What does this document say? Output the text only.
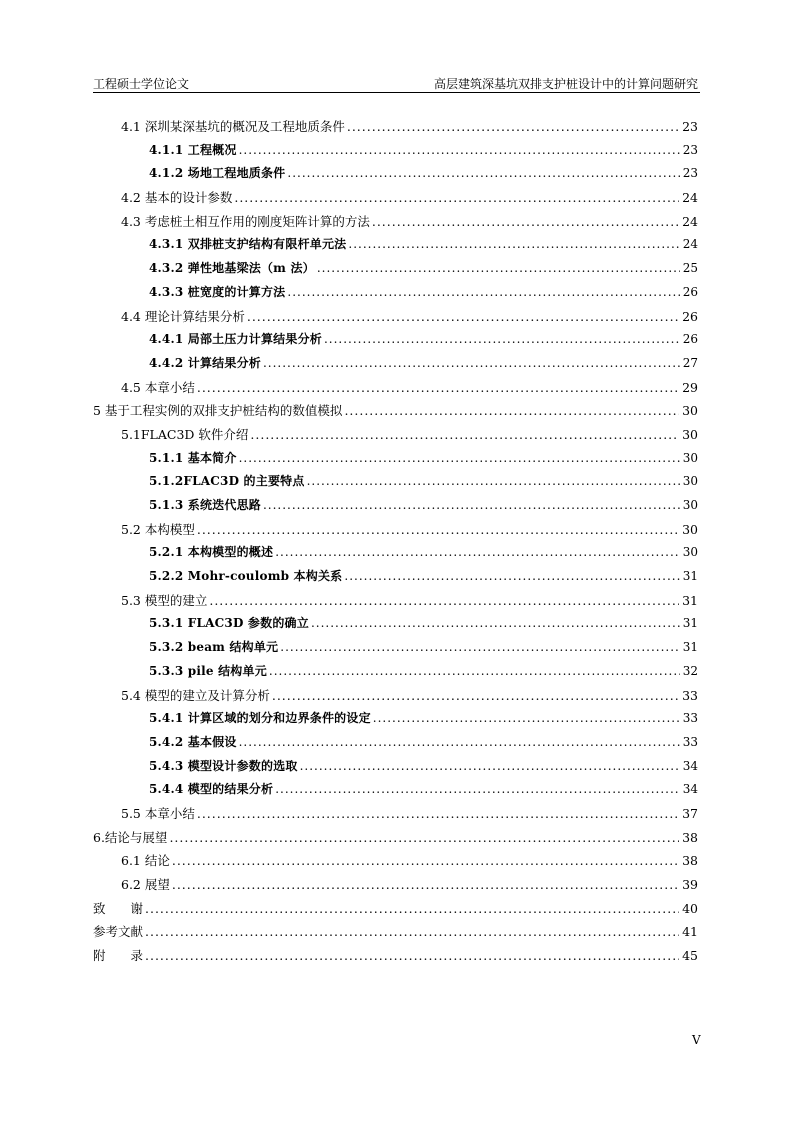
工程硕士学位论文	高层建筑深基坑双排支护桩设计中的计算问题研究
4.1 深圳某深基坑的概况及工程地质条件 .....	23
4.1.1 工程概况 .....	23
4.1.2 场地工程地质条件 .....	23
4.2 基本的设计参数 .....	24
4.3 考虑桩土相互作用的刚度矩阵计算的方法 .....	24
4.3.1 双排桩支护结构有限杆单元法 .....	24
4.3.2 弹性地基梁法（m 法） .....	25
4.3.3 桩宽度的计算方法 .....	26
4.4 理论计算结果分析 .....	26
4.4.1 局部土压力计算结果分析 .....	26
4.4.2 计算结果分析 .....	27
4.5 本章小结 .....	29
5 基于工程实例的双排支护桩结构的数值模拟 .....	30
5.1FLAC3D 软件介绍 .....	30
5.1.1 基本简介 .....	30
5.1.2FLAC3D 的主要特点 .....	30
5.1.3 系统迭代思路 .....	30
5.2 本构模型 .....	30
5.2.1 本构模型的概述 .....	30
5.2.2 Mohr-coulomb 本构关系 .....	31
5.3 模型的建立 .....	31
5.3.1 FLAC3D 参数的确立 .....	31
5.3.2 beam 结构单元 .....	31
5.3.3 pile 结构单元 .....	32
5.4 模型的建立及计算分析 .....	33
5.4.1 计算区域的划分和边界条件的设定 .....	33
5.4.2 基本假设 .....	33
5.4.3 模型设计参数的选取 .....	34
5.4.4 模型的结果分析 .....	34
5.5 本章小结 .....	37
6.结论与展望 .....	38
6.1 结论 .....	38
6.2 展望 .....	39
致　　谢 .....	40
参考文献 .....	41
附　　录 .....	45
V
